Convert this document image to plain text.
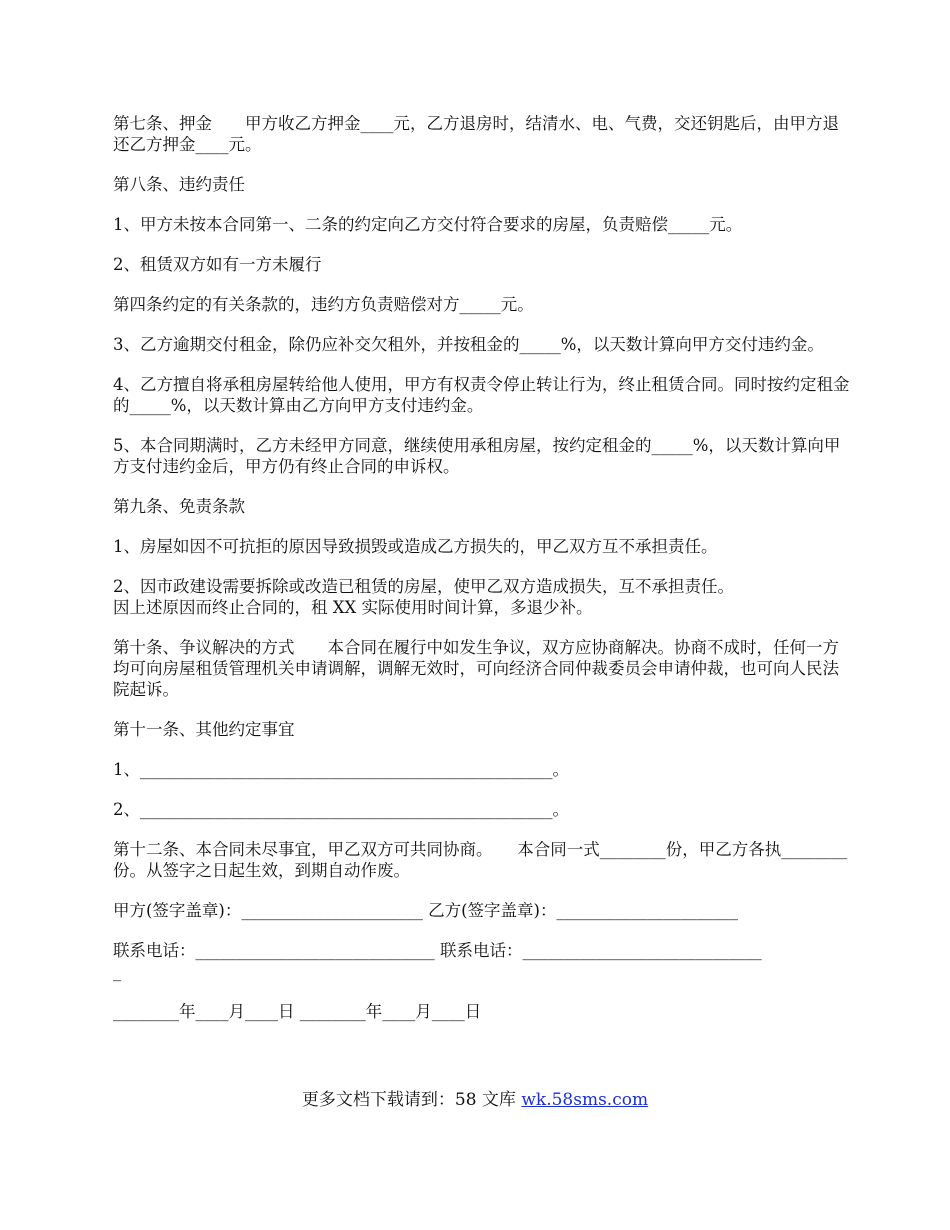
第七条、押金　　甲方收乙方押金____元，乙方退房时，结清水、电、气费，交还钥匙后，由甲方退还乙方押金____元。

第八条、违约责任

1、甲方未按本合同第一、二条的约定向乙方交付符合要求的房屋，负责赔偿_____元。

2、租赁双方如有一方未履行

第四条约定的有关条款的，违约方负责赔偿对方_____元。

3、乙方逾期交付租金，除仍应补交欠租外，并按租金的_____%，以天数计算向甲方交付违约金。

4、乙方擅自将承租房屋转给他人使用，甲方有权责令停止转让行为，终止租赁合同。同时按约定租金的_____%，以天数计算由乙方向甲方支付违约金。

5、本合同期满时，乙方未经甲方同意，继续使用承租房屋，按约定租金的_____%，以天数计算向甲方支付违约金后，甲方仍有终止合同的申诉权。

第九条、免责条款

1、房屋如因不可抗拒的原因导致损毁或造成乙方损失的，甲乙双方互不承担责任。

2、因市政建设需要拆除或改造已租赁的房屋，使甲乙双方造成损失，互不承担责任。
因上述原因而终止合同的，租 XX 实际使用时间计算，多退少补。

第十条、争议解决的方式　　本合同在履行中如发生争议，双方应协商解决。协商不成时，任何一方均可向房屋租赁管理机关申请调解，调解无效时，可向经济合同仲裁委员会申请仲裁，也可向人民法院起诉。

第十一条、其他约定事宜

1、__________________________________________________。

2、__________________________________________________。

第十二条、本合同未尽事宜，甲乙双方可共同协商。　　本合同一式________份，甲乙方各执________份。从签字之日起生效，到期自动作废。

甲方(签字盖章)：______________________ 乙方(签字盖章)：______________________

联系电话：_____________________________ 联系电话：_____________________________
_

________年____月____日 ________年____月____日

更多文档下载请到：58 文库 wk.58sms.com
